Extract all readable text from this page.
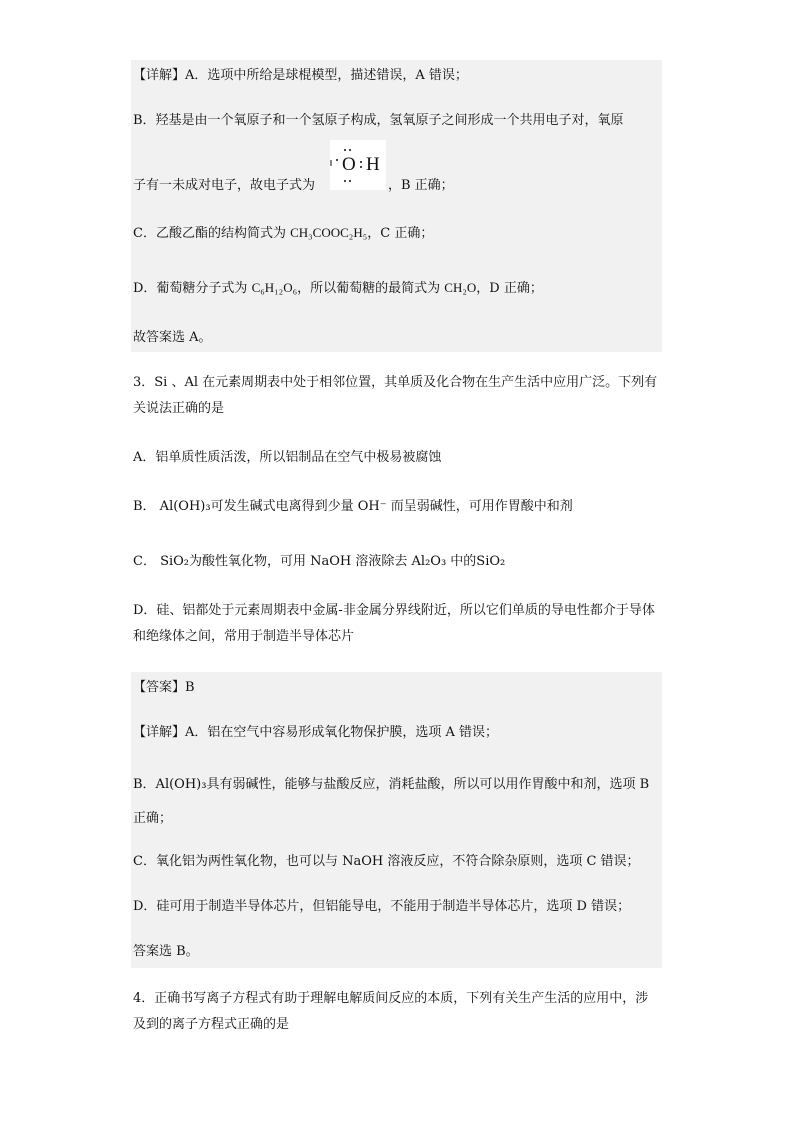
【详解】A．选项中所给是球棍模型，描述错误，A 错误；
B．羟基是由一个氧原子和一个氢原子构成，氢氧原子之间形成一个共用电子对，氧原
O H
子有一未成对电子，故电子式为	，B 正确；
C．乙酸乙酯的结构简式为 CH₃COOC₂H₅，C 正确；
D．葡萄糖分子式为 C₆H₁₂O₆，所以葡萄糖的最简式为 CH₂O，D 正确；
故答案选 A。
3．Si 、Al 在元素周期表中处于相邻位置，其单质及化合物在生产生活中应用广泛。下列有关说法正确的是
A．铝单质性质活泼，所以铝制品在空气中极易被腐蚀
B． Al(OH)₃可发生碱式电离得到少量 OH⁻ 而呈弱碱性，可用作胃酸中和剂
C． SiO₂为酸性氧化物，可用 NaOH 溶液除去 Al₂O₃ 中的SiO₂
D．硅、铝都处于元素周期表中金属-非金属分界线附近，所以它们单质的导电性都介于导体和绝缘体之间，常用于制造半导体芯片
【答案】B
【详解】A．铝在空气中容易形成氧化物保护膜，选项 A 错误；
B．Al(OH)₃具有弱碱性，能够与盐酸反应，消耗盐酸，所以可以用作胃酸中和剂，选项 B 正确；
C．氧化铝为两性氧化物，也可以与 NaOH 溶液反应，不符合除杂原则，选项 C 错误；
D．硅可用于制造半导体芯片，但铝能导电，不能用于制造半导体芯片，选项 D 错误；
答案选 B。
4．正确书写离子方程式有助于理解电解质间反应的本质，下列有关生产生活的应用中，涉及到的离子方程式正确的是
